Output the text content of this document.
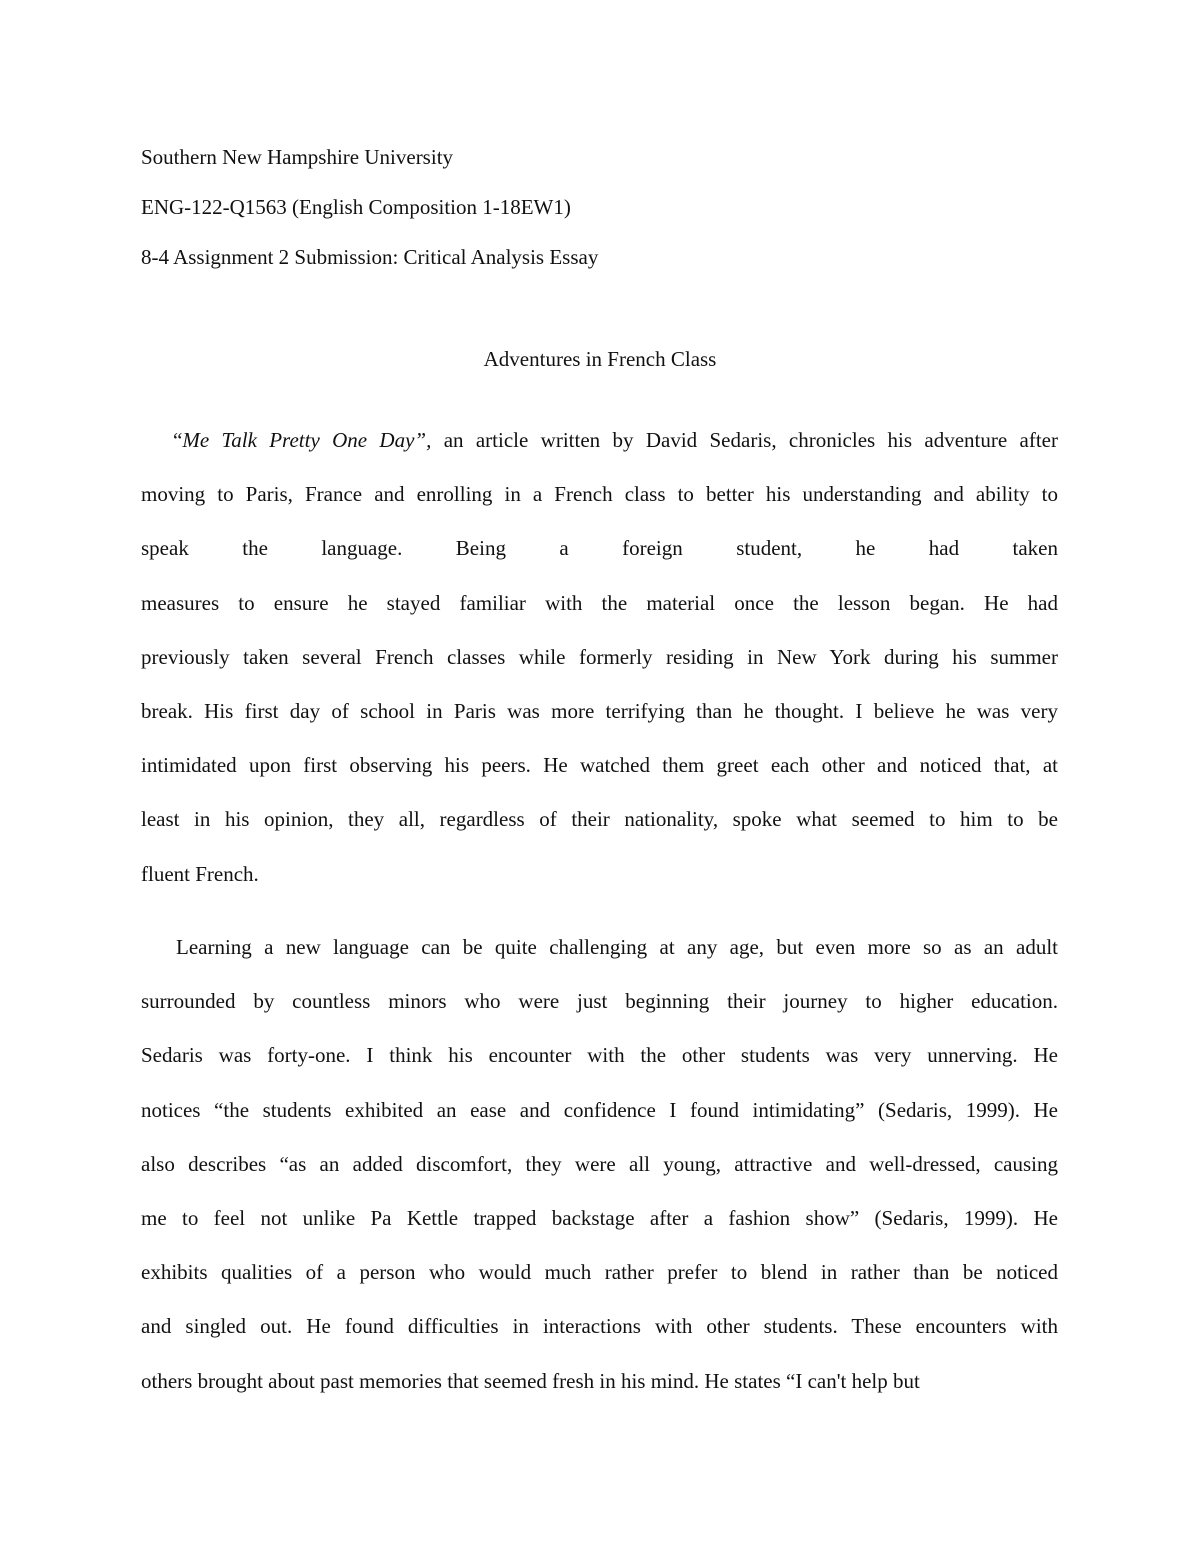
Southern New Hampshire University
ENG-122-Q1563 (English Composition 1-18EW1)
8-4 Assignment 2 Submission: Critical Analysis Essay
Adventures in French Class
“Me Talk Pretty One Day”, an article written by David Sedaris, chronicles his adventure after
moving to Paris, France and enrolling in a French class to better his understanding and ability to
speak the language. Being a foreign student, he had taken
measures to ensure he stayed familiar with the material once the lesson began. He had
previously taken several French classes while formerly residing in New York during his summer
break. His first day of school in Paris was more terrifying than he thought. I believe he was very
intimidated upon first observing his peers. He watched them greet each other and noticed that, at
least in his opinion, they all, regardless of their nationality, spoke what seemed to him to be
fluent French.
Learning a new language can be quite challenging at any age, but even more so as an adult
surrounded by countless minors who were just beginning their journey to higher education.
Sedaris was forty-one. I think his encounter with the other students was very unnerving. He
notices “the students exhibited an ease and confidence I found intimidating” (Sedaris, 1999). He
also describes “as an added discomfort, they were all young, attractive and well-dressed, causing
me to feel not unlike Pa Kettle trapped backstage after a fashion show” (Sedaris, 1999). He
exhibits qualities of a person who would much rather prefer to blend in rather than be noticed
and singled out. He found difficulties in interactions with other students. These encounters with
others brought about past memories that seemed fresh in his mind. He states “I can't help but
